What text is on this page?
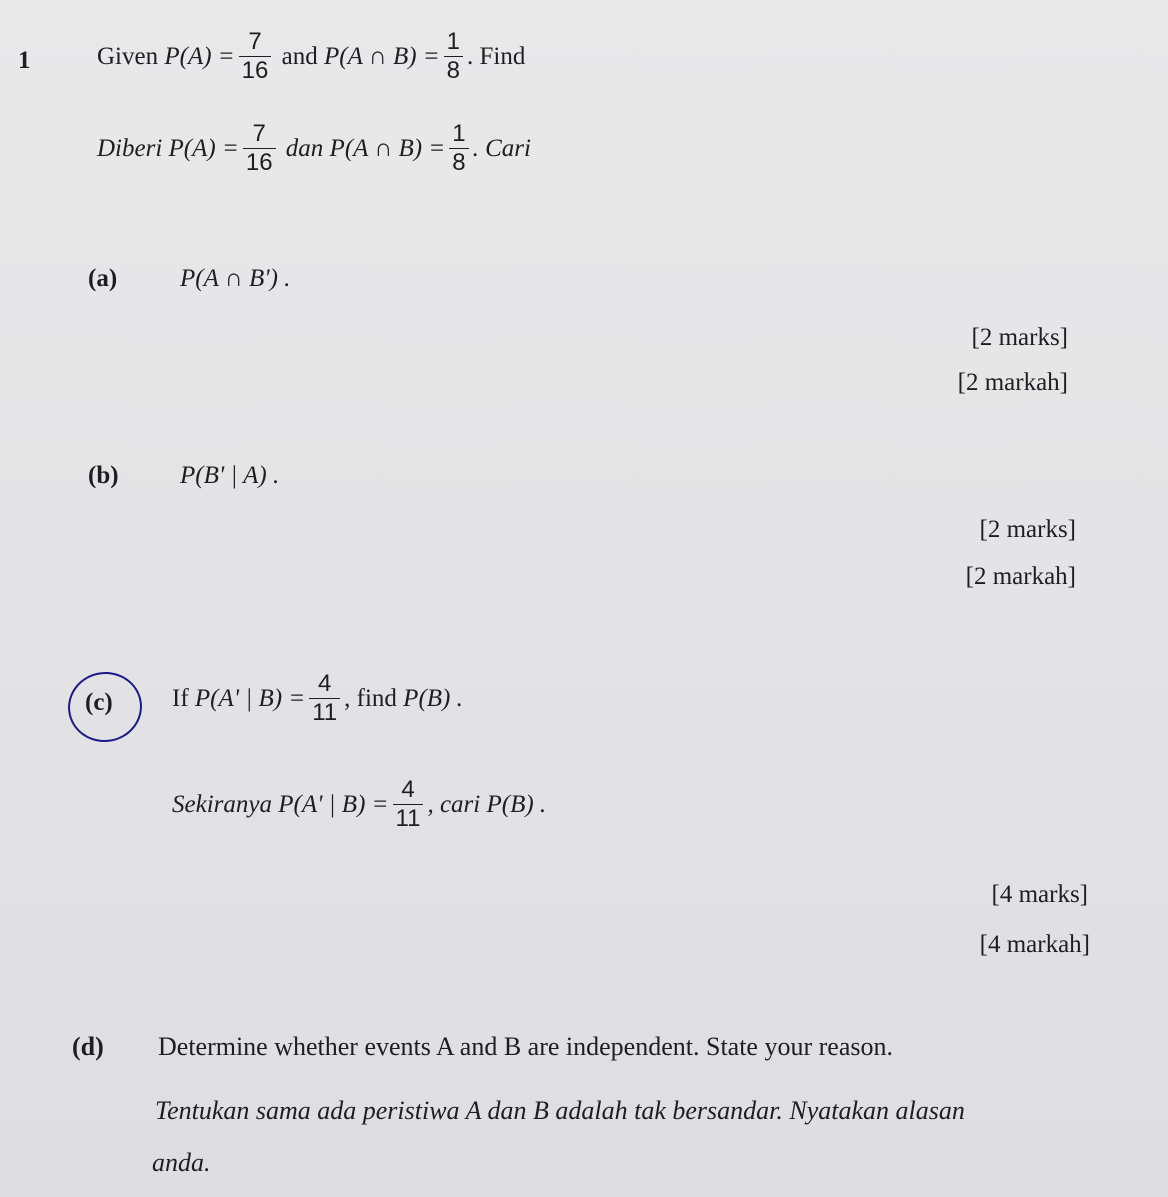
1	Given $P(A) = \frac{7}{16}$ and P(A ∩ $B) = \frac{1}{8}$ . Find
Diberi $P(A) = \frac{7}{16}$ dan P(A ∩ $B) = \frac{1}{8}$ . Cari
(a)	P(A ∩ B') .
[2 marks]
[2 markah]
(b) P(B' | A) .
[2 marks]
[2 markah]
(c) If P(A' | $B) = \frac{4}{11}$ , find P(B) .
Sekiranya P(A' | $B) = \frac{4}{11}$ , cari P(B) .
[4 marks]
[4 markah]
(d) Determine whether events A and B are independent. State your reason.
Tentukan sama ada peristiwa A dan B adalah tak bersandar. Nyatakan alasan
anda.
